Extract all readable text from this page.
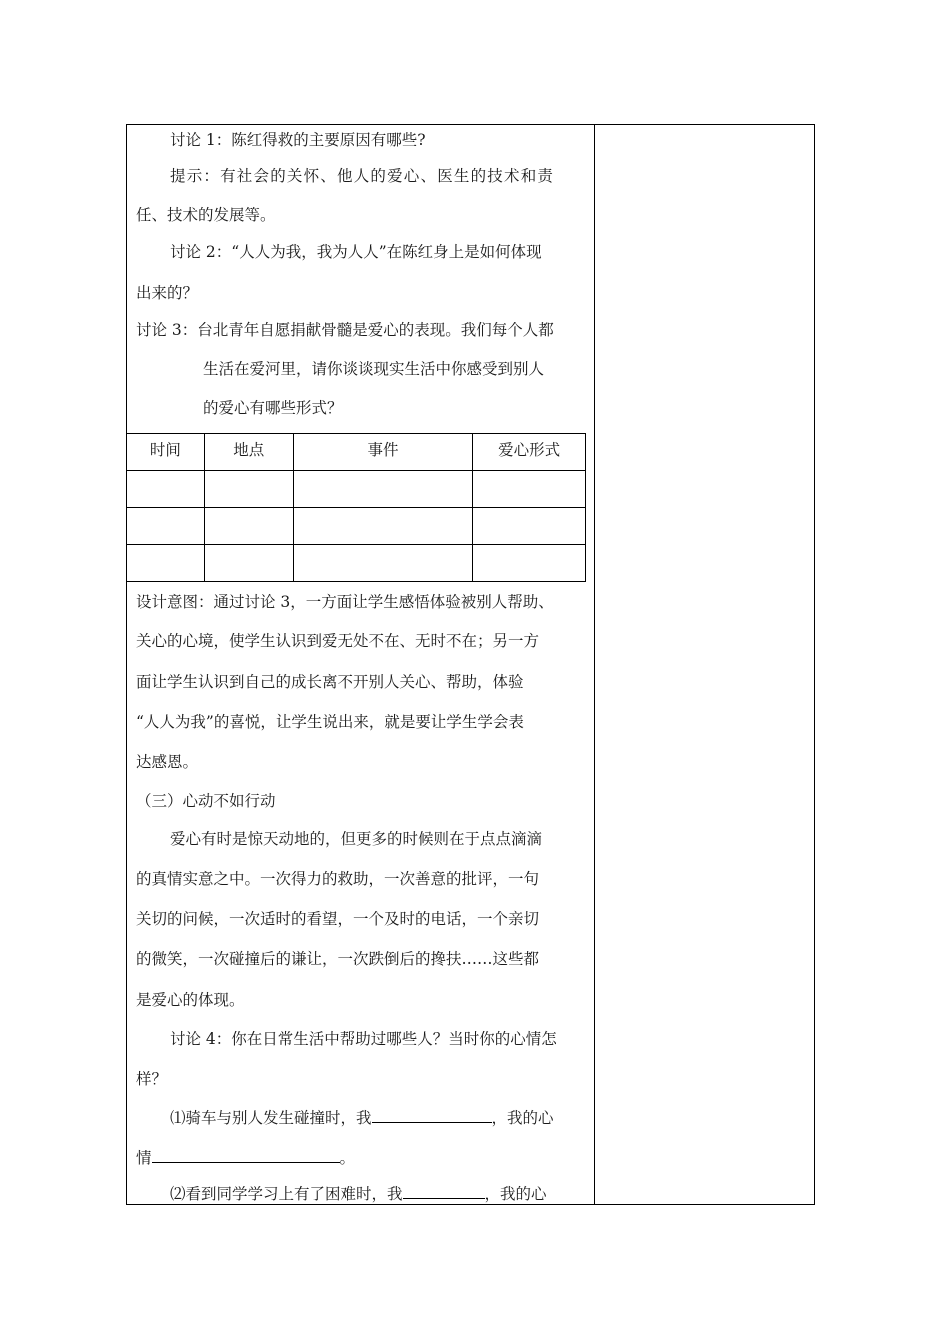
讨论 1：陈红得救的主要原因有哪些?
提示：有社会的关怀、他人的爱心、医生的技术和责
任、技术的发展等。
讨论 2：“人人为我，我为人人”在陈红身上是如何体现
出来的？
讨论 3：台北青年自愿捐献骨髓是爱心的表现。我们每个人都
生活在爱河里，请你谈谈现实生活中你感受到别人
的爱心有哪些形式？
时间	地点	事件	爱心形式

设计意图：通过讨论 3，一方面让学生感悟体验被别人帮助、
关心的心境，使学生认识到爱无处不在、无时不在；另一方
面让学生认识到自己的成长离不开别人关心、帮助，体验
“人人为我”的喜悦，让学生说出来，就是要让学生学会表
达感恩。
（三）心动不如行动
爱心有时是惊天动地的，但更多的时候则在于点点滴滴
的真情实意之中。一次得力的救助，一次善意的批评，一句
关切的问候，一次适时的看望，一个及时的电话，一个亲切
的微笑，一次碰撞后的谦让，一次跌倒后的搀扶……这些都
是爱心的体现。
讨论 4：你在日常生活中帮助过哪些人？当时你的心情怎
样？
⑴骑车与别人发生碰撞时，我	，我的心
情	。
⑵看到同学学习上有了困难时，我	，我的心
